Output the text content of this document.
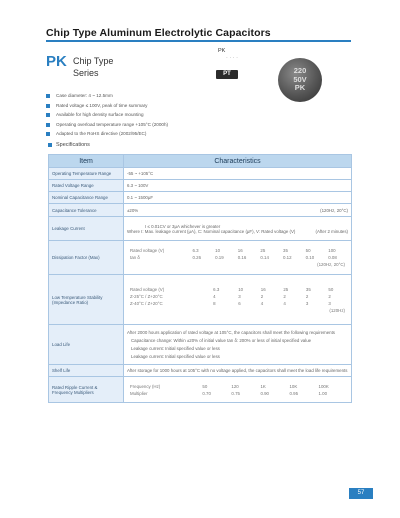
Chip Type Aluminum Electrolytic Capacitors
PK Chip Type
Series
PK
· · · ·
PT	220
50V
PK
Case diameter: 4 ~ 12.5mm
Rated voltage ≤ 100V, peak of time summary
Available for high density surface mounting
Operating overload temperature range +105°C (2000h)
Adapted to the RoHS directive (2002/95/EC)
Specifications
Item	Characteristics
Operating Temperature Range	-55 ~ +105°C
Rated Voltage Range	6.3 ~ 100V
Nominal Capacitance Range	0.1 ~ 1500μF
Capacitance Tolerance	±20%	(120Hz, 20°C)

Leakage Current	I ≤ 0.01CV or 3μA whichever is greater
Where I: Max. leakage current (μA), C: Nominal capacitance (μF), V: Rated voltage (V)	(After 2 minutes)

Dissipation Factor (Max)	
Rated voltage (V)	6.3	10	16	25	35	50	100
tan δ	0.26	0.19	0.16	0.14	0.12	0.10	0.08
(120Hz, 20°C)

Low Temperature Stability
(Impedance Ratio)

Rated voltage (V)	6.3	10	16	25	35	50
Z-25°C / Z+20°C	4	3	2	2	2	2
Z-40°C / Z+20°C	8	6	4	4	3	3
(120Hz)

Load Life	
After 2000 hours application of rated voltage at 105°C, the capacitors shall meet the following requirements
Capacitance change: Within ±20% of initial value tan δ: 200% or less of initial specified value
Leakage current: Initial specified value or less
Leakage current: Initial specified value or less

Shelf Life	After storage for 1000 hours at 105°C with no voltage applied, the capacitors shall meet the load life requirements

Rated Ripple Current &
Frequency Multipliers

Frequency (Hz)	50	120	1K	10K	100K
Multiplier	0.70	0.75	0.90	0.95	1.00
57
